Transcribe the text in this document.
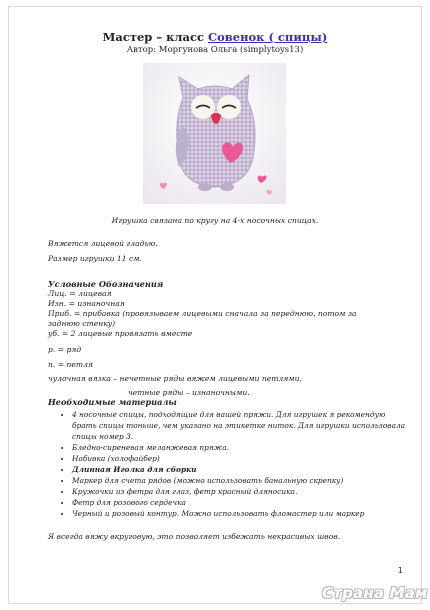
Мастер – класс Совенок ( спицы)
Автор: Моргунова Ольга (simplytoys13)
Игрушка связана по кругу на 4-х носочных спицах.
Вяжется лицевой гладью.
Размер игрушки 11 см.
Условные Обозначения
Лиц. = лицевая
Изн. = изнаночная
Приб. = прибавка (провязываем лицевыми сначала за переднюю, потом за заднюю стенку)
уб. = 2 лицевые провязать вместе
р. = ряд
п. = петля
чулочная вязка – нечетные ряды вяжем лицевыми петлями,
четные ряды – изнаночными.
Необходимые материалы
• 4 носочные спицы, подходящие для вашей пряжи. Для игрушек я рекомендую брать спицы тоньше, чем указано на этикетке ниток. Для игрушки использовала спицы номер 3.
• Бледно-сиреневая меланжевая пряжа.
• Набивка (холофайбер)
• Длинная Иголка для сборки
• Маркер для счета рядов (можно использовать банальную скрепку)
• Кружочки из фетра для глаз, фетр красный дляносика.
• Фетр для розового сердечка
• Черный и розовый контур. Можно использовать фломастер или маркер
Я всегда вяжу вкруговую, это позволяет избежать некрасивых швов.
1
Страна Мам
